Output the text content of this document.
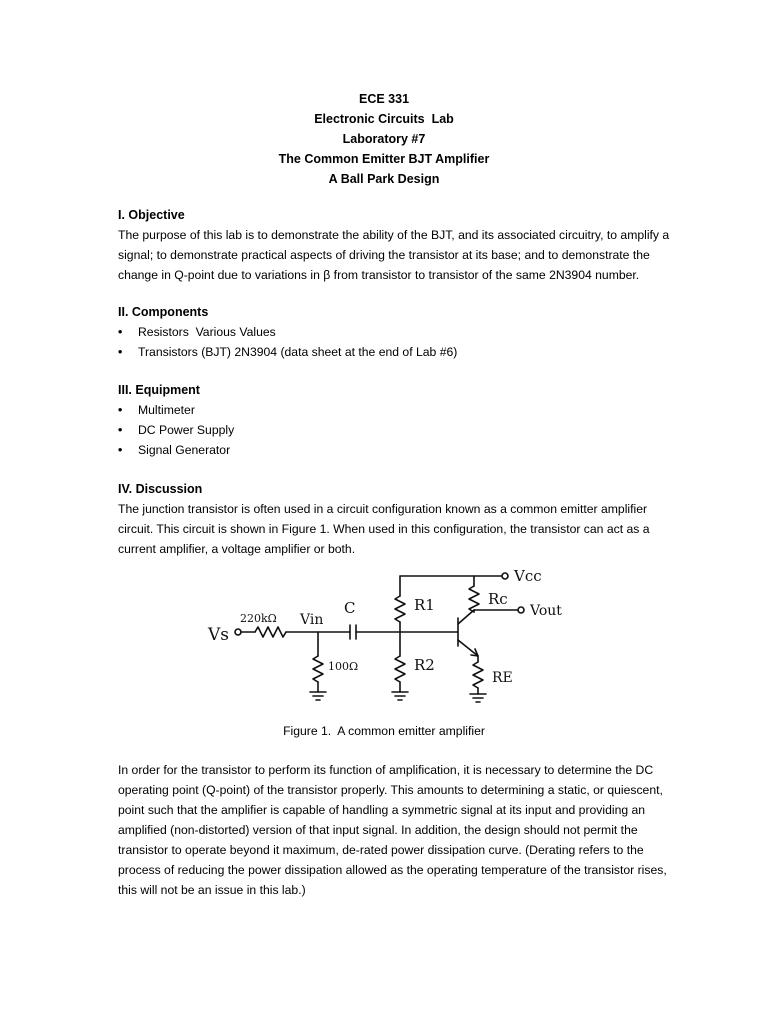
ECE 331
Electronic Circuits  Lab
Laboratory #7
The Common Emitter BJT Amplifier
A Ball Park Design
I. Objective
The purpose of this lab is to demonstrate the ability of the BJT, and its associated circuitry, to amplify a
signal; to demonstrate practical aspects of driving the transistor at its base; and to demonstrate the
change in Q-point due to variations in β from transistor to transistor of the same 2N3904 number.
II. Components
• Resistors  Various Values
• Transistors (BJT) 2N3904 (data sheet at the end of Lab #6)
III. Equipment
• Multimeter
• DC Power Supply
• Signal Generator
IV. Discussion
The junction transistor is often used in a circuit configuration known as a common emitter amplifier
circuit. This circuit is shown in Figure 1. When used in this configuration, the transistor can act as a
current amplifier, a voltage amplifier or both.
Vs
220kΩ Vin
C
100Ω
R1
R2
Vcc
Rc
Vout
RE
Figure 1.  A common emitter amplifier
In order for the transistor to perform its function of amplification, it is necessary to determine the DC
operating point (Q-point) of the transistor properly. This amounts to determining a static, or quiescent,
point such that the amplifier is capable of handling a symmetric signal at its input and providing an
amplified (non-distorted) version of that input signal. In addition, the design should not permit the
transistor to operate beyond it maximum, de-rated power dissipation curve. (Derating refers to the
process of reducing the power dissipation allowed as the operating temperature of the transistor rises,
this will not be an issue in this lab.)
